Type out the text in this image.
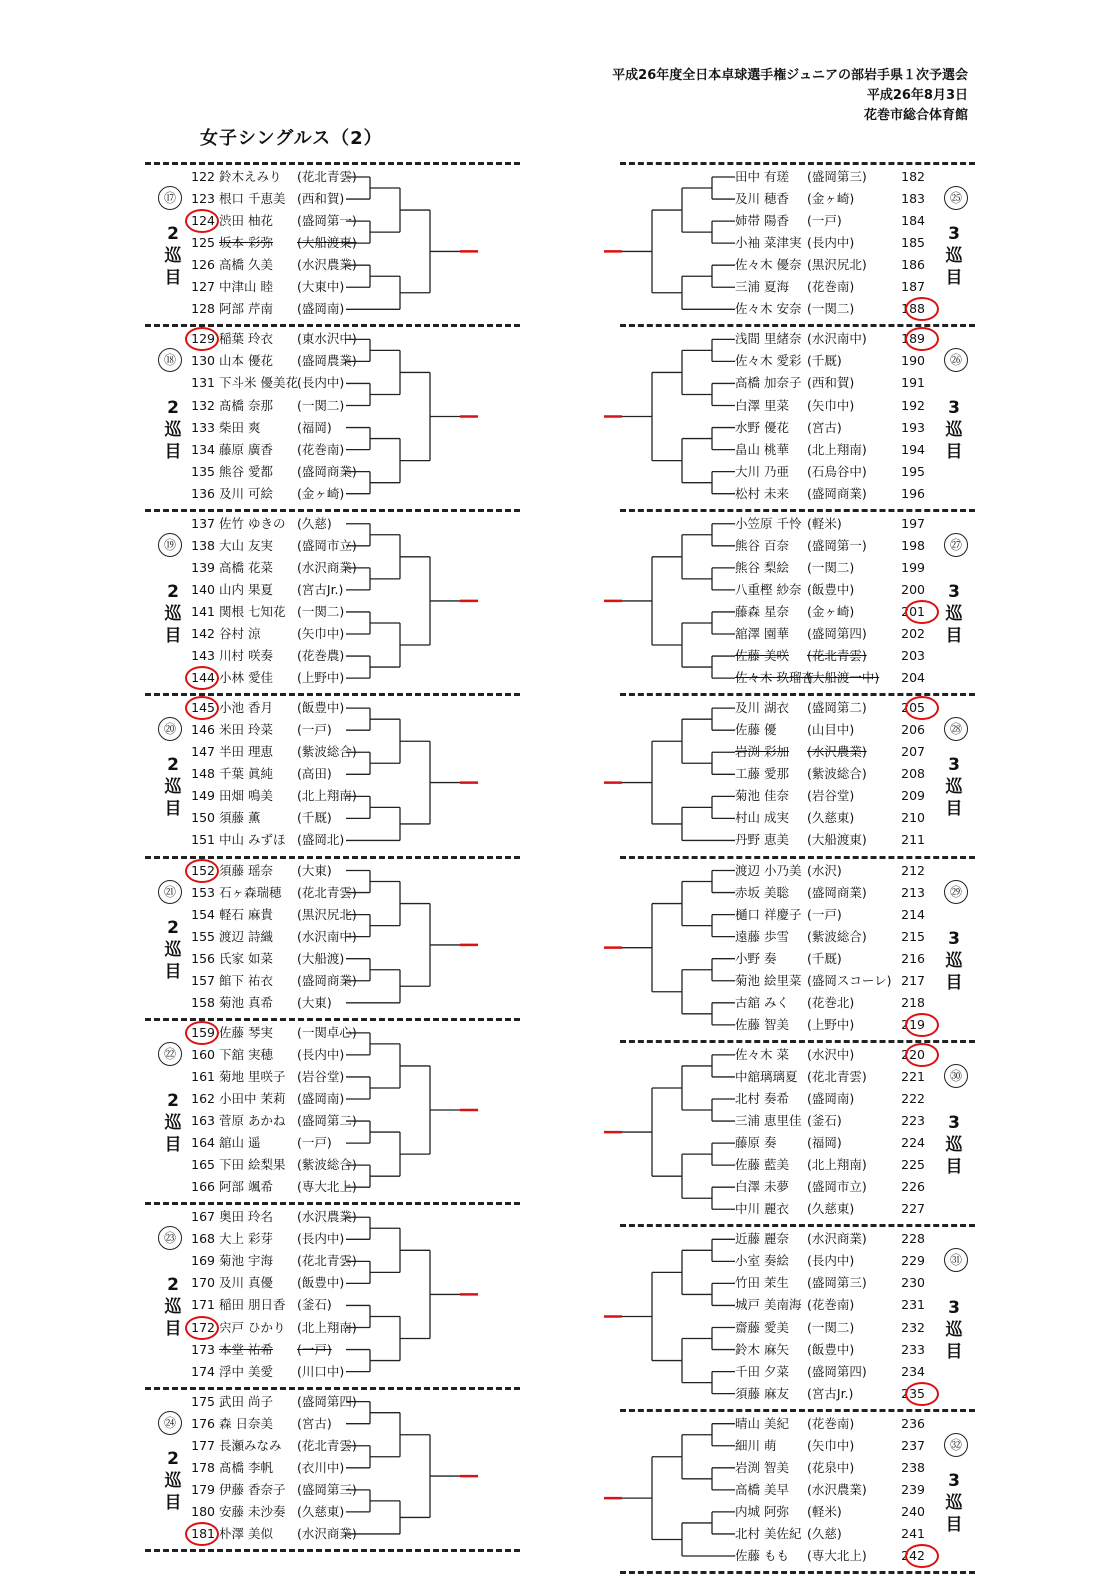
平成26年度全日本卓球選手権ジュニアの部岩手県１次予選会
平成26年8月3日
花巻市総合体育館
女子シングルス（2）
122 鈴木えみり (花北青雲)
123 根口 千恵美 (西和賀)
124 渋田 柚花 (盛岡第一)
125 坂本 彩弥 (大船渡東)
126 高橋 久美 (水沢農業)
127 中津山 睦 (大東中)
128 阿部 芹南 (盛岡南)
⑰
2
巡
目
129 稲葉 玲衣 (東水沢中)
130 山本 優花 (盛岡農業)
131 下斗米 優美花(長内中)
132 髙橋 奈那 (一関二)
133 柴田 爽	(福岡)
134 藤原 廣香 (花巻南)
135 熊谷 愛都 (盛岡商業)
136 及川 可絵 (金ヶ崎)
⑱
2
巡
目
137 佐竹 ゆきの (久慈)
138 大山 友実 (盛岡市立)
139 高橋 花菜 (水沢商業)
140 山内 果夏 (宮古Jr.)
141 関根 七知花 (一関二)
142 谷村 涼	(矢巾中)
143 川村 咲奏 (花巻農)
144 小林 愛佳 (上野中)
⑲
2
巡
目
145 小池 香月 (飯豊中)
146 米田 玲菜 (一戸)
147 半田 理恵 (紫波総合)
148 千葉 眞純 (高田)
149 田畑 鳴美 (北上翔南)
150 須藤 薫	(千厩)
151 中山 みずほ (盛岡北)
⑳
2
巡
目
152 須藤 瑶奈 (大東)
153 石ヶ森瑞穂 (花北青雲)
154 軽石 麻貴 (黒沢尻北)
155 渡辺 詩織 (水沢南中)
156 氏家 如菜 (大船渡)
157 館下 祐衣 (盛岡商業)
158 菊池 真希 (大東)
㉑
2
巡
目
159 佐藤 琴実 (一関卓心)
160 下舘 実穂 (長内中)
161 菊地 里咲子 (岩谷堂)
162 小田中 茉莉 (盛岡南)
163 菅原 あかね (盛岡第二)
164 舘山 遥	(一戸)
165 下田 絵梨果 (紫波総合)
166 阿部 颯希 (専大北上)
㉒
2
巡
目
167 奥田 玲名 (水沢農業)
168 大上 彩芽 (長内中)
169 菊池 宇海 (花北青雲)
170 及川 真優 (飯豊中)
171 稲田 朋日香 (釜石)
172 宍戸 ひかり (北上翔南)
173 本堂 祐希 (一戸)
174 浮中 美愛 (川口中)
㉓
2
巡
目
175 武田 尚子 (盛岡第四)
176 森 日奈美 (宮古)
177 長瀬みなみ (花北青雲)
178 髙橋 李帆 (衣川中)
179 伊藤 香奈子 (盛岡第三)
180 安藤 未沙奏 (久慈東)
181 朴澤 美似 (水沢商業)
㉔
2
巡
目
田中 有瑳 (盛岡第三)	182
及川 穂香 (金ヶ崎)	183
姉帯 陽香 (一戸)	184
小袖 菜津実 (長内中)	185
佐々木 優奈 (黒沢尻北)	186
三浦 夏海 (花巻南)	187
佐々木 安奈 (一関二)	188
㉕
3
巡
目
浅間 里緒奈 (水沢南中)	189
佐々木 愛彩 (千厩)	190
高橋 加奈子 (西和賀)	191
白澤 里菜 (矢巾中)	192
水野 優花 (宮古)	193
畠山 桃華 (北上翔南)	194
大川 乃亜 (石鳥谷中)	195
松村 未来 (盛岡商業)	196
㉖
3
巡
目
小笠原 千怜 (軽米)	197
熊谷 百奈 (盛岡第一)	198
熊谷 梨絵 (一関二)	199
八重樫 紗奈 (飯豊中)	200
藤森 星奈 (金ヶ崎)	201
舘澤 園華 (盛岡第四)	202
佐藤 美咲 (花北青雲)	203
佐々木 玖瑠杏(大船渡一中) 204
㉗
3
巡
目
及川 湖衣 (盛岡第二)	205
佐藤 優 (山目中)	206
岩渕 彩加 (水沢農業)	207
工藤 愛那 (紫波総合)	208
菊池 佳奈 (岩谷堂)	209
村山 成実 (久慈東)	210
丹野 恵美 (大船渡東)	211
㉘
3
巡
目
渡辺 小乃美 (水沢)	212
赤坂 美聡 (盛岡商業)	213
樋口 祥慶子 (一戸)	214
遠藤 歩雪 (紫波総合)	215
小野 奏 (千厩)	216
菊池 絵里菜 (盛岡スコーレ) 217
古舘 みく (花巻北)	218
佐藤 智美 (上野中)	219
㉙
3
巡
目
佐々木 菜 (水沢中)	220
中舘璃璃夏 (花北青雲)	221
北村 奏希 (盛岡南)	222
三浦 恵里佳 (釜石)	223
藤原 奏 (福岡)	224
佐藤 藍美 (北上翔南)	225
白澤 未夢 (盛岡市立)	226
中川 麗衣 (久慈東)	227
㉚
3
巡
目
近藤 麗奈 (水沢商業)	228
小室 奏絵 (長内中)	229
竹田 茉生 (盛岡第三)	230
城戸 美南海 (花巻南)	231
齋藤 愛美 (一関二)	232
鈴木 麻矢 (飯豊中)	233
千田 夕菜 (盛岡第四)	234
須藤 麻友 (宮古Jr.)	235
㉛
3
巡
目
晴山 美紀 (花巻南)	236
細川 萌 (矢巾中)	237
岩渕 智美 (花泉中)	238
高橋 美早 (水沢農業)	239
内城 阿弥 (軽米)	240
北村 美佐紀 (久慈)	241
佐藤 もも (専大北上)	242
㉜
3
巡
目
